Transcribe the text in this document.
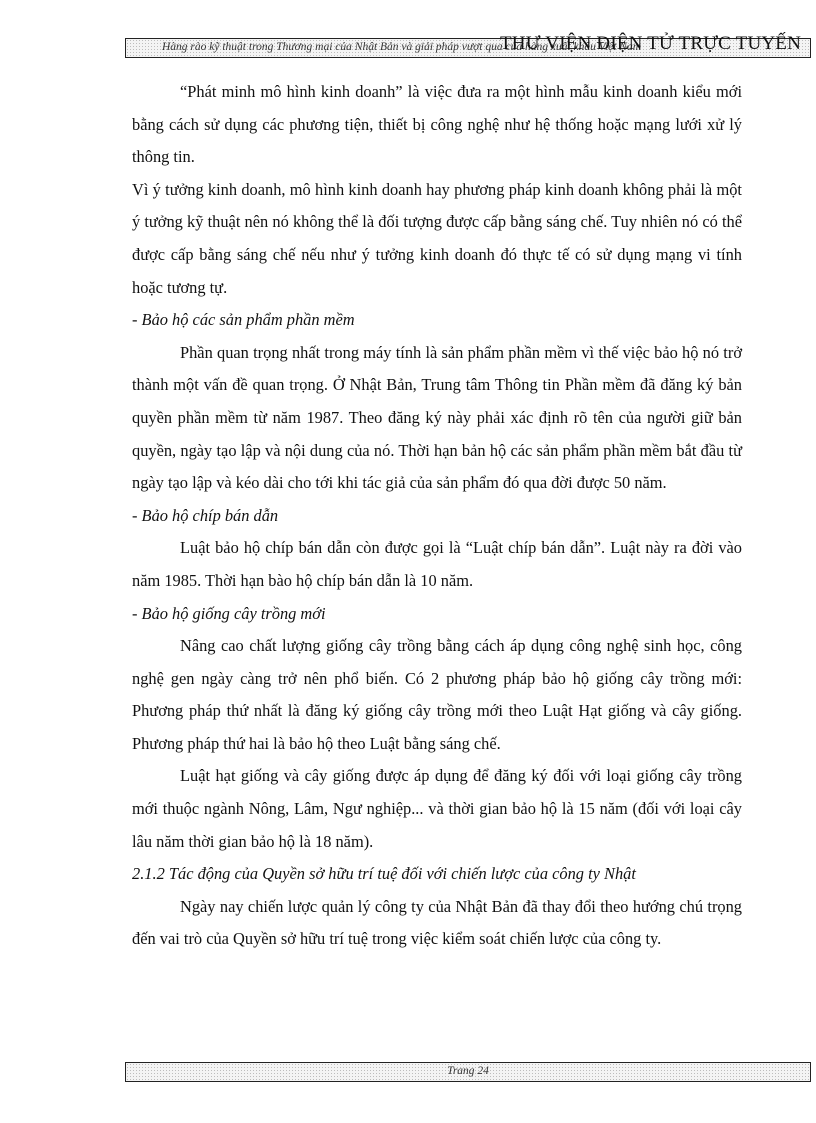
Hàng rào kỹ thuật trong Thương mại của Nhật Bản và giải pháp vượt qua của hàng xuất khẩu Việt Nam
THƯ VIỆN ĐIỆN TỬ TRỰC TUYẾN

“Phát minh mô hình kinh doanh” là việc đưa ra một hình mẫu kinh doanh kiểu mới bằng cách sử dụng các phương tiện, thiết bị công nghệ như hệ thống hoặc mạng lưới xử lý thông tin.

Vì ý tưởng kinh doanh, mô hình kinh doanh hay phương pháp kinh doanh không phải là một ý tưởng kỹ thuật nên nó không thể là đối tượng được cấp bằng sáng chế. Tuy nhiên nó có thể được cấp bằng sáng chế nếu như ý tưởng kinh doanh đó thực tế có sử dụng mạng vi tính hoặc tương tự.

- Bảo hộ các sản phẩm phần mềm

Phần quan trọng nhất trong máy tính là sản phẩm phần mềm vì thế việc bảo hộ nó trở thành một vấn đề quan trọng. Ở Nhật Bản, Trung tâm Thông tin Phần mềm đã đăng ký bản quyền phần mềm từ năm 1987. Theo đăng ký này phải xác định rõ tên của người giữ bản quyền, ngày tạo lập và nội dung của nó. Thời hạn bản hộ các sản phẩm phần mềm bắt đầu từ ngày tạo lập và kéo dài cho tới khi tác giả của sản phẩm đó qua đời được 50 năm.

- Bảo hộ chíp bán dẫn

Luật bảo hộ chíp bán dẫn còn được gọi là “Luật chíp bán dẫn”. Luật này ra đời vào năm 1985. Thời hạn bào hộ chíp bán dẫn là 10 năm.

- Bảo hộ giống cây trồng mới

Nâng cao chất lượng giống cây trồng bằng cách áp dụng công nghệ sinh học, công nghệ gen ngày càng trở nên phổ biến. Có 2 phương pháp bảo hộ giống cây trồng mới: Phương pháp thứ nhất là đăng ký giống cây trồng mới theo Luật Hạt giống và cây giống. Phương pháp thứ hai là bảo hộ theo Luật bằng sáng chế.

Luật hạt giống và cây giống được áp dụng để đăng ký đối với loại giống cây trồng mới thuộc ngành Nông, Lâm, Ngư nghiệp... và thời gian bảo hộ là 15 năm (đối với loại cây lâu năm thời gian bảo hộ là 18 năm).

2.1.2 Tác động của Quyền sở hữu trí tuệ đối với chiến lược của công ty Nhật

Ngày nay chiến lược quản lý công ty của Nhật Bản đã thay đổi theo hướng chú trọng đến vai trò của Quyền sở hữu trí tuệ trong việc kiểm soát chiến lược của công ty.

Trang 24
